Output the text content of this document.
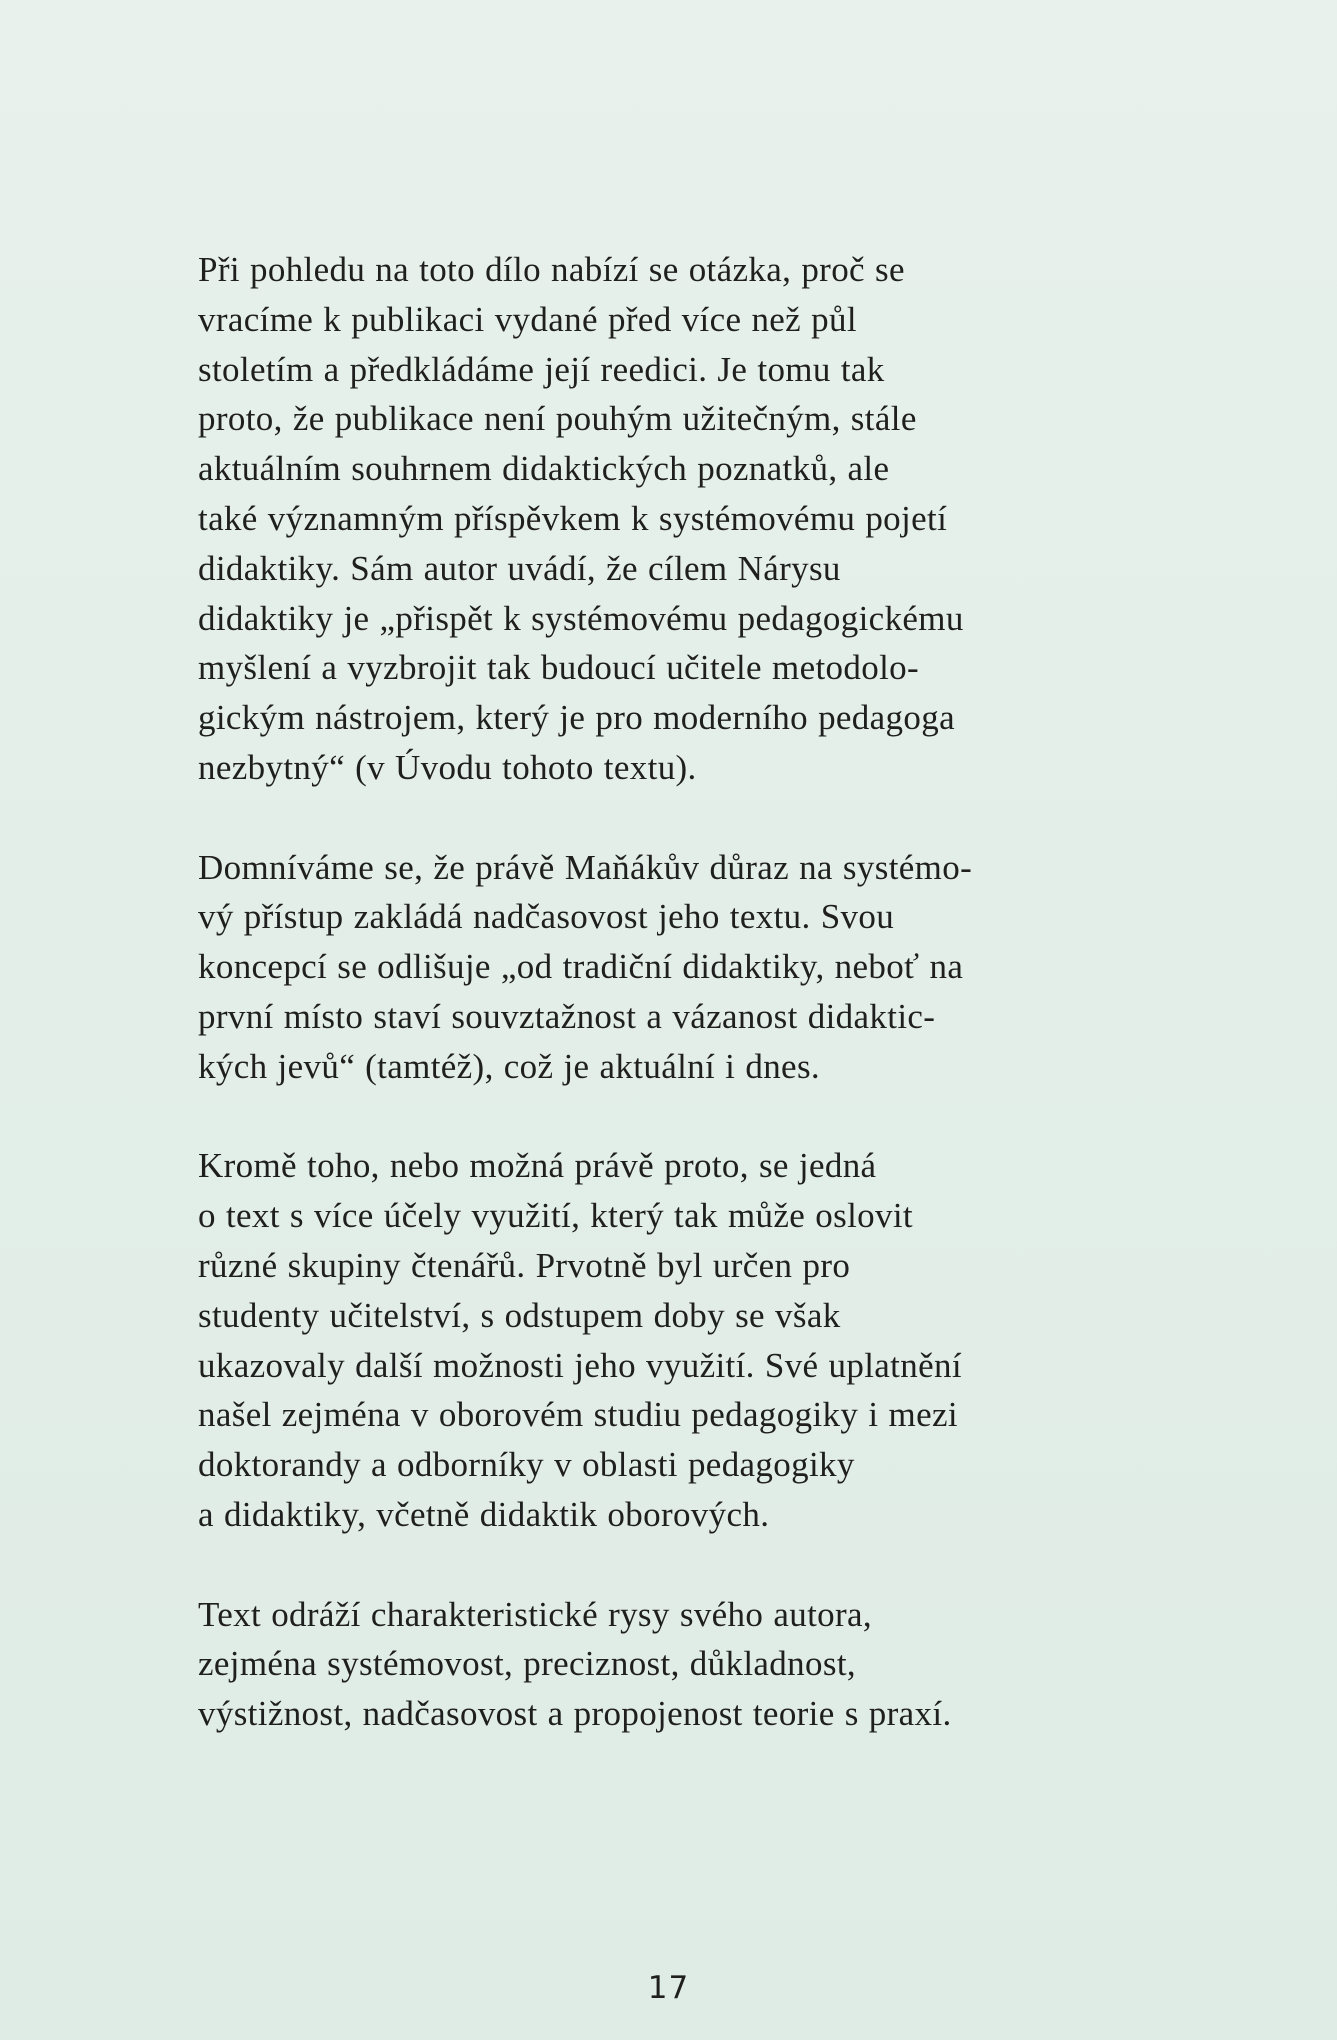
Při pohledu na toto dílo nabízí se otázka, proč se
vracíme k publikaci vydané před více než půl
stoletím a předkládáme její reedici. Je tomu tak
proto, že publikace není pouhým užitečným, stále
aktuálním souhrnem didaktických poznatků, ale
také významným příspěvkem k systémovému pojetí
didaktiky. Sám autor uvádí, že cílem Nárysu
didaktiky je „přispět k systémovému pedagogickému
myšlení a vyzbrojit tak budoucí učitele metodolo-
gickým nástrojem, který je pro moderního pedagoga
nezbytný“ (v Úvodu tohoto textu).

Domníváme se, že právě Maňákův důraz na systémo-
vý přístup zakládá nadčasovost jeho textu. Svou
koncepcí se odlišuje „od tradiční didaktiky, neboť na
první místo staví souvztažnost a vázanost didaktic-
kých jevů“ (tamtéž), což je aktuální i dnes.

Kromě toho, nebo možná právě proto, se jedná
o text s více účely využití, který tak může oslovit
různé skupiny čtenářů. Prvotně byl určen pro
studenty učitelství, s odstupem doby se však
ukazovaly další možnosti jeho využití. Své uplatnění
našel zejména v oborovém studiu pedagogiky i mezi
doktorandy a odborníky v oblasti pedagogiky
a didaktiky, včetně didaktik oborových.

Text odráží charakteristické rysy svého autora,
zejména systémovost, preciznost, důkladnost,
výstižnost, nadčasovost a propojenost teorie s praxí.

17
